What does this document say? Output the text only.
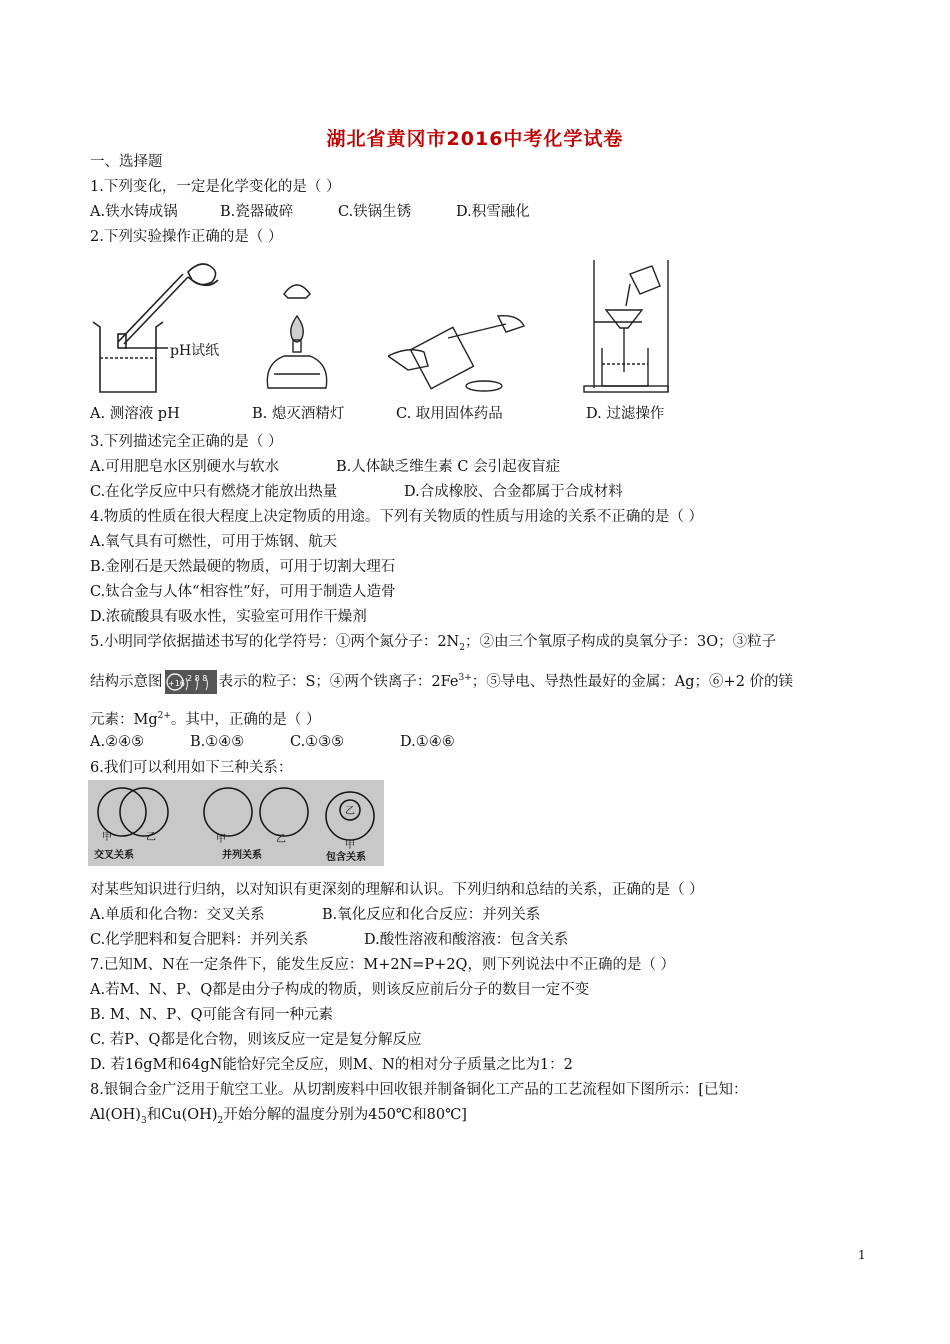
湖北省黄冈市2016中考化学试卷
一、选择题
1.下列变化，一定是化学变化的是（ ）
A.铁水铸成锅	B.瓷器破碎	C.铁锅生锈	D.积雪融化
2.下列实验操作正确的是（ ）
pH试纸
A. 测溶液 pH	B. 熄灭酒精灯	C. 取用固体药品	D. 过滤操作
3.下列描述完全正确的是（ ）
A.可用肥皂水区别硬水与软水	B.人体缺乏维生素 C 会引起夜盲症
C.在化学反应中只有燃烧才能放出热量	D.合成橡胶、合金都属于合成材料
4.物质的性质在很大程度上决定物质的用途。下列有关物质的性质与用途的关系不正确的是（ ）
A.氧气具有可燃性，可用于炼钢、航天
B.金刚石是天然最硬的物质，可用于切割大理石
C.钛合金与人体“相容性”好，可用于制造人造骨
D.浓硫酸具有吸水性，实验室可用作干燥剂
5.小明同学依据描述书写的化学符号：①两个氮分子：$2N_2$；②由三个氧原子构成的臭氧分子：3O；③粒子
结构示意图 +16
2 8 8 表示的粒子：S；④两个铁离子：$2Fe^{3+}$；⑤导电、导热性最好的金属：Ag；⑥+2 价的镁
元素：$Mg^{2+}$。其中，正确的是（ ）
A.②④⑤	B.①④⑤	C.①③⑤	D.①④⑥
6.我们可以利用如下三种关系：
甲	乙	甲	乙
乙
甲
交叉关系	并列关系	包含关系
对某些知识进行归纳，以对知识有更深刻的理解和认识。下列归纳和总结的关系，正确的是（ ）
A.单质和化合物：交叉关系	B.氧化反应和化合反应：并列关系
C.化学肥料和复合肥料：并列关系	D.酸性溶液和酸溶液：包含关系
7.已知M、N在一定条件下，能发生反应：M+2N=P+2Q，则下列说法中不正确的是（ ）
A.若M、N、P、Q都是由分子构成的物质，则该反应前后分子的数目一定不变
B. M、N、P、Q可能含有同一种元素
C. 若P、Q都是化合物，则该反应一定是复分解反应
D. 若16gM和64gN能恰好完全反应，则M、N的相对分子质量之比为1：2
8.银铜合金广泛用于航空工业。从切割废料中回收银并制备铜化工产品的工艺流程如下图所示：[已知：
$Al(OH)_3$和$Cu(OH)_2$开始分解的温度分别为450℃和80℃]
1
